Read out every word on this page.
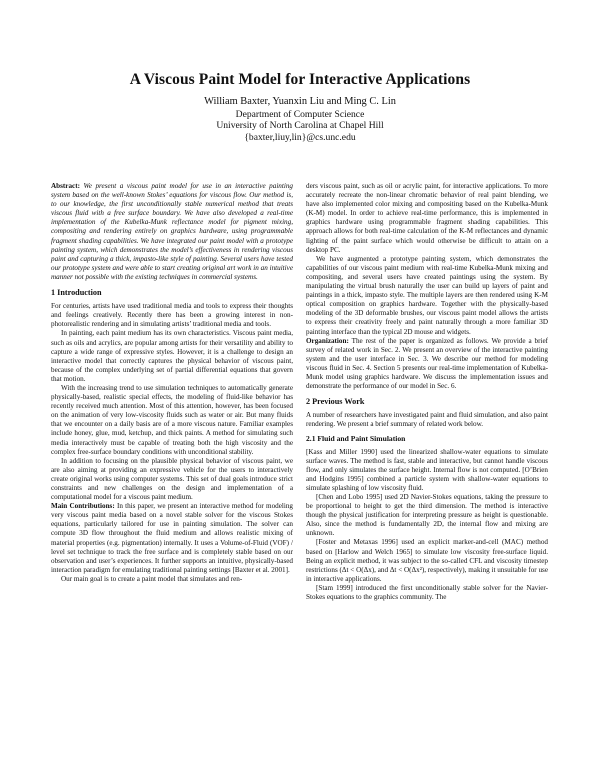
A Viscous Paint Model for Interactive Applications
William Baxter, Yuanxin Liu and Ming C. Lin
Department of Computer Science
University of North Carolina at Chapel Hill
{baxter,liuy,lin}@cs.unc.edu

Abstract: We present a viscous paint model for use in an interactive painting system based on the well-known Stokes’ equations for viscous flow. Our method is, to our knowledge, the first unconditionally stable numerical method that treats viscous fluid with a free surface boundary. We have also developed a real-time implementation of the Kubelka-Munk reflectance model for pigment mixing, compositing and rendering entirely on graphics hardware, using programmable fragment shading capabilities. We have integrated our paint model with a prototype painting system, which demonstrates the model’s effectiveness in rendering viscous paint and capturing a thick, impasto-like style of painting. Several users have tested our prototype system and were able to start creating original art work in an intuitive manner not possible with the existing techniques in commercial systems.

1 Introduction

For centuries, artists have used traditional media and tools to express their thoughts and feelings creatively. Recently there has been a growing interest in non-photorealistic rendering and in simulating artists’ traditional media and tools.

In painting, each paint medium has its own characteristics. Viscous paint media, such as oils and acrylics, are popular among artists for their versatility and ability to capture a wide range of expressive styles. However, it is a challenge to design an interactive model that correctly captures the physical behavior of viscous paint, because of the complex underlying set of partial differential equations that govern that motion.

With the increasing trend to use simulation techniques to automatically generate physically-based, realistic special effects, the modeling of fluid-like behavior has recently received much attention. Most of this attention, however, has been focused on the animation of very low-viscosity fluids such as water or air. But many fluids that we encounter on a daily basis are of a more viscous nature. Familiar examples include honey, glue, mud, ketchup, and thick paints. A method for simulating such media interactively must be capable of treating both the high viscosity and the complex free-surface boundary conditions with unconditional stability.

In addition to focusing on the plausible physical behavior of viscous paint, we are also aiming at providing an expressive vehicle for the users to interactively create original works using computer systems. This set of dual goals introduce strict constraints and new challenges on the design and implementation of a computational model for a viscous paint medium.

Main Contributions: In this paper, we present an interactive method for modeling very viscous paint media based on a novel stable solver for the viscous Stokes equations, particularly tailored for use in painting simulation. The solver can compute 3D flow throughout the fluid medium and allows realistic mixing of material properties (e.g. pigmentation) internally. It uses a Volume-of-Fluid (VOF) / level set technique to track the free surface and is completely stable based on our observation and user’s experiences. It further supports an intuitive, physically-based interaction paradigm for emulating traditional painting settings [Baxter et al. 2001].

Our main goal is to create a paint model that simulates and ren-

ders viscous paint, such as oil or acrylic paint, for interactive applications. To more accurately recreate the non-linear chromatic behavior of real paint blending, we have also implemented color mixing and compositing based on the Kubelka-Munk (K-M) model. In order to achieve real-time performance, this is implemented in graphics hardware using programmable fragment shading capabilities. This approach allows for both real-time calculation of the K-M reflectances and dynamic lighting of the paint surface which would otherwise be difficult to attain on a desktop PC.

We have augmented a prototype painting system, which demonstrates the capabilities of our viscous paint medium with real-time Kubelka-Munk mixing and compositing, and several users have created paintings using the system. By manipulating the virtual brush naturally the user can build up layers of paint and paintings in a thick, impasto style. The multiple layers are then rendered using K-M optical composition on graphics hardware. Together with the physically-based modeling of the 3D deformable brushes, our viscous paint model allows the artists to express their creativity freely and paint naturally through a more familiar 3D painting interface than the typical 2D mouse and widgets.

Organization: The rest of the paper is organized as follows. We provide a brief survey of related work in Sec. 2. We present an overview of the interactive painting system and the user interface in Sec. 3. We describe our method for modeling viscous fluid in Sec. 4. Section 5 presents our real-time implementation of Kubelka-Munk model using graphics hardware. We discuss the implementation issues and demonstrate the performance of our model in Sec. 6.

2 Previous Work

A number of researchers have investigated paint and fluid simulation, and also paint rendering. We present a brief summary of related work below.

2.1 Fluid and Paint Simulation

[Kass and Miller 1990] used the linearized shallow-water equations to simulate surface waves. The method is fast, stable and interactive, but cannot handle viscous flow, and only simulates the surface height. Internal flow is not computed. [O’Brien and Hodgins 1995] combined a particle system with shallow-water equations to simulate splashing of low viscosity fluid.

[Chen and Lobo 1995] used 2D Navier-Stokes equations, taking the pressure to be proportional to height to get the third dimension. The method is interactive though the physical justification for interpreting pressure as height is questionable. Also, since the method is fundamentally 2D, the internal flow and mixing are unknown.

[Foster and Metaxas 1996] used an explicit marker-and-cell (MAC) method based on [Harlow and Welch 1965] to simulate low viscosity free-surface liquid. Being an explicit method, it was subject to the so-called CFL and viscosity timestep restrictions (Δt < O(Δx), and Δt < O(Δx²), respectively), making it unsuitable for use in interactive applications.

[Stam 1999] introduced the first unconditionally stable solver for the Navier-Stokes equations to the graphics community. The
